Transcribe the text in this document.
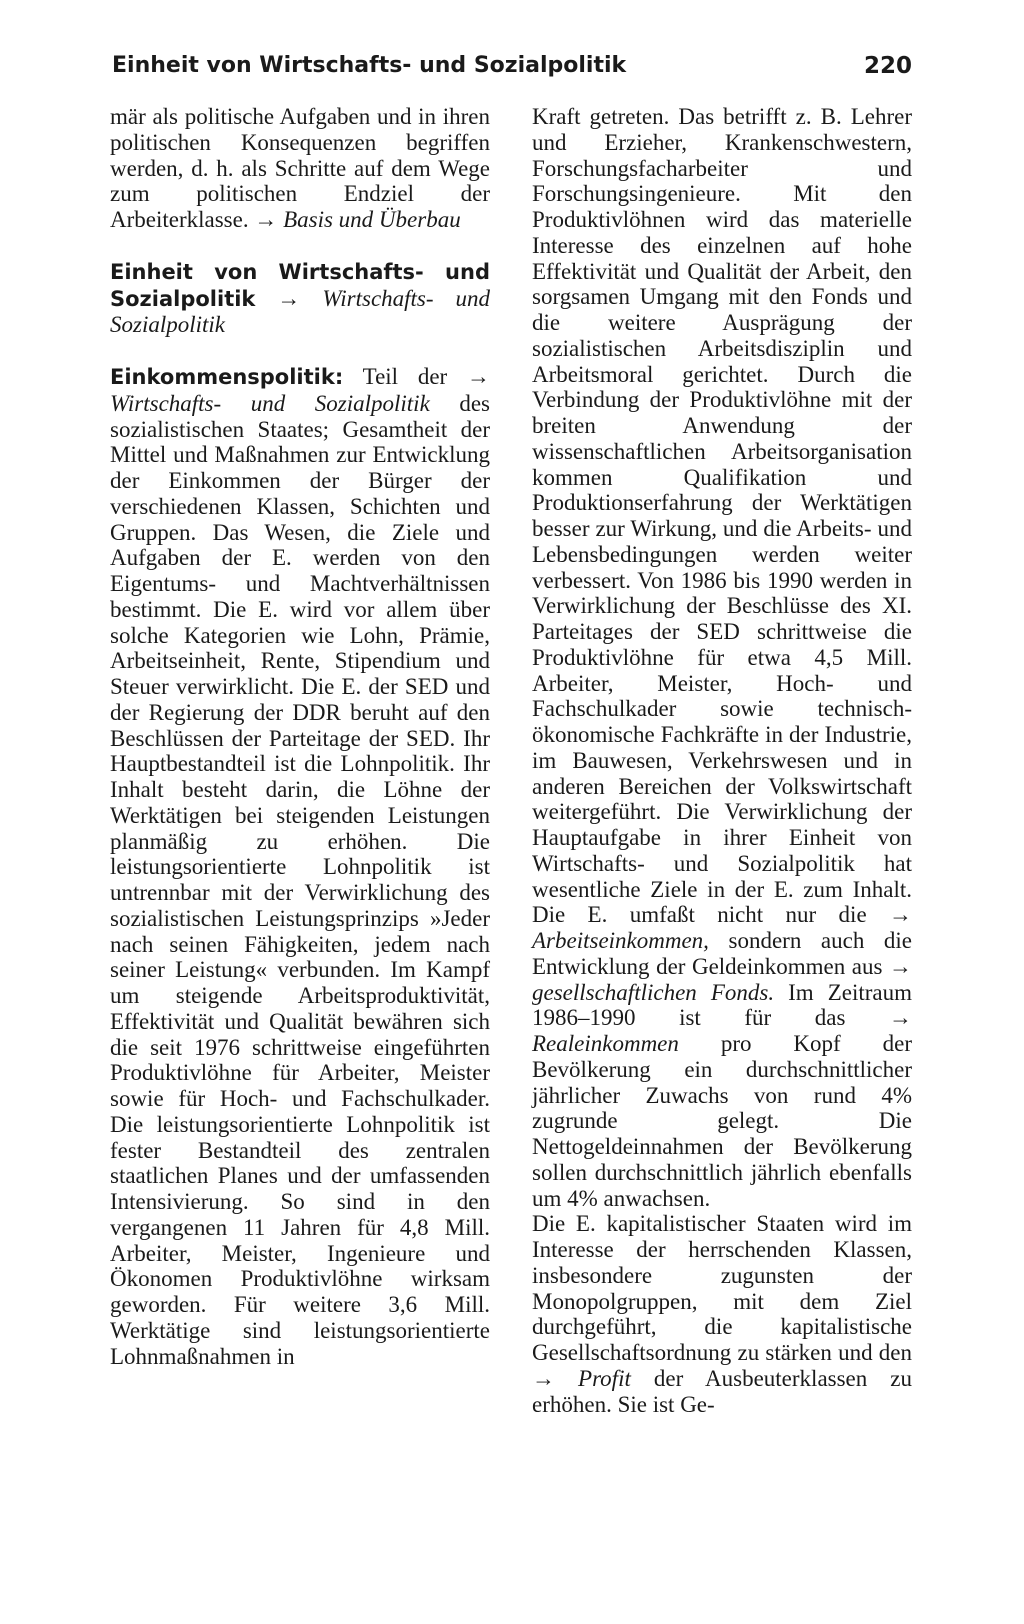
Einheit von Wirtschafts- und Sozialpolitik	220

mär als politische Aufgaben und in ihren politischen Konsequenzen begriffen werden, d. h. als Schritte auf dem Wege zum politischen Endziel der Arbeiterklasse. → Basis und Überbau

Einheit von Wirtschafts- und Sozialpolitik → Wirtschafts- und Sozialpolitik

Einkommenspolitik: Teil der → Wirtschafts- und Sozialpolitik des sozialistischen Staates; Gesamtheit der Mittel und Maßnahmen zur Entwicklung der Einkommen der Bürger der verschiedenen Klassen, Schichten und Gruppen. Das Wesen, die Ziele und Aufgaben der E. werden von den Eigentums- und Machtverhältnissen bestimmt. Die E. wird vor allem über solche Kategorien wie Lohn, Prämie, Arbeitseinheit, Rente, Stipendium und Steuer verwirklicht. Die E. der SED und der Regierung der DDR beruht auf den Beschlüssen der Parteitage der SED. Ihr Hauptbestandteil ist die Lohnpolitik. Ihr Inhalt besteht darin, die Löhne der Werktätigen bei steigenden Leistungen planmäßig zu erhöhen. Die leistungsorientierte Lohnpolitik ist untrennbar mit der Verwirklichung des sozialistischen Leistungsprinzips »Jeder nach seinen Fähigkeiten, jedem nach seiner Leistung« verbunden. Im Kampf um steigende Arbeitsproduktivität, Effektivität und Qualität bewähren sich die seit 1976 schrittweise eingeführten Produktivlöhne für Arbeiter, Meister sowie für Hoch- und Fachschulkader. Die leistungsorientierte Lohnpolitik ist fester Bestandteil des zentralen staatlichen Planes und der umfassenden Intensivierung. So sind in den vergangenen 11 Jahren für 4,8 Mill. Arbeiter, Meister, Ingenieure und Ökonomen Produktivlöhne wirksam geworden. Für weitere 3,6 Mill. Werktätige sind leistungsorientierte Lohnmaßnahmen in

Kraft getreten. Das betrifft z. B. Lehrer und Erzieher, Krankenschwestern, Forschungsfacharbeiter und Forschungsingenieure. Mit den Produktivlöhnen wird das materielle Interesse des einzelnen auf hohe Effektivität und Qualität der Arbeit, den sorgsamen Umgang mit den Fonds und die weitere Ausprägung der sozialistischen Arbeitsdisziplin und Arbeitsmoral gerichtet. Durch die Verbindung der Produktivlöhne mit der breiten Anwendung der wissenschaftlichen Arbeitsorganisation kommen Qualifikation und Produktionserfahrung der Werktätigen besser zur Wirkung, und die Arbeits- und Lebensbedingungen werden weiter verbessert. Von 1986 bis 1990 werden in Verwirklichung der Beschlüsse des XI. Parteitages der SED schrittweise die Produktivlöhne für etwa 4,5 Mill. Arbeiter, Meister, Hoch- und Fachschulkader sowie technisch-ökonomische Fachkräfte in der Industrie, im Bauwesen, Verkehrswesen und in anderen Bereichen der Volkswirtschaft weitergeführt. Die Verwirklichung der Hauptaufgabe in ihrer Einheit von Wirtschafts- und Sozialpolitik hat wesentliche Ziele in der E. zum Inhalt. Die E. umfaßt nicht nur die → Arbeitseinkommen, sondern auch die Entwicklung der Geldeinkommen aus → gesellschaftlichen Fonds. Im Zeitraum 1986–1990 ist für das → Realeinkommen pro Kopf der Bevölkerung ein durchschnittlicher jährlicher Zuwachs von rund 4% zugrunde gelegt. Die Nettogeldeinnahmen der Bevölkerung sollen durchschnittlich jährlich ebenfalls um 4% anwachsen.

Die E. kapitalistischer Staaten wird im Interesse der herrschenden Klassen, insbesondere zugunsten der Monopolgruppen, mit dem Ziel durchgeführt, die kapitalistische Gesellschaftsordnung zu stärken und den → Profit der Ausbeuterklassen zu erhöhen. Sie ist Ge-
